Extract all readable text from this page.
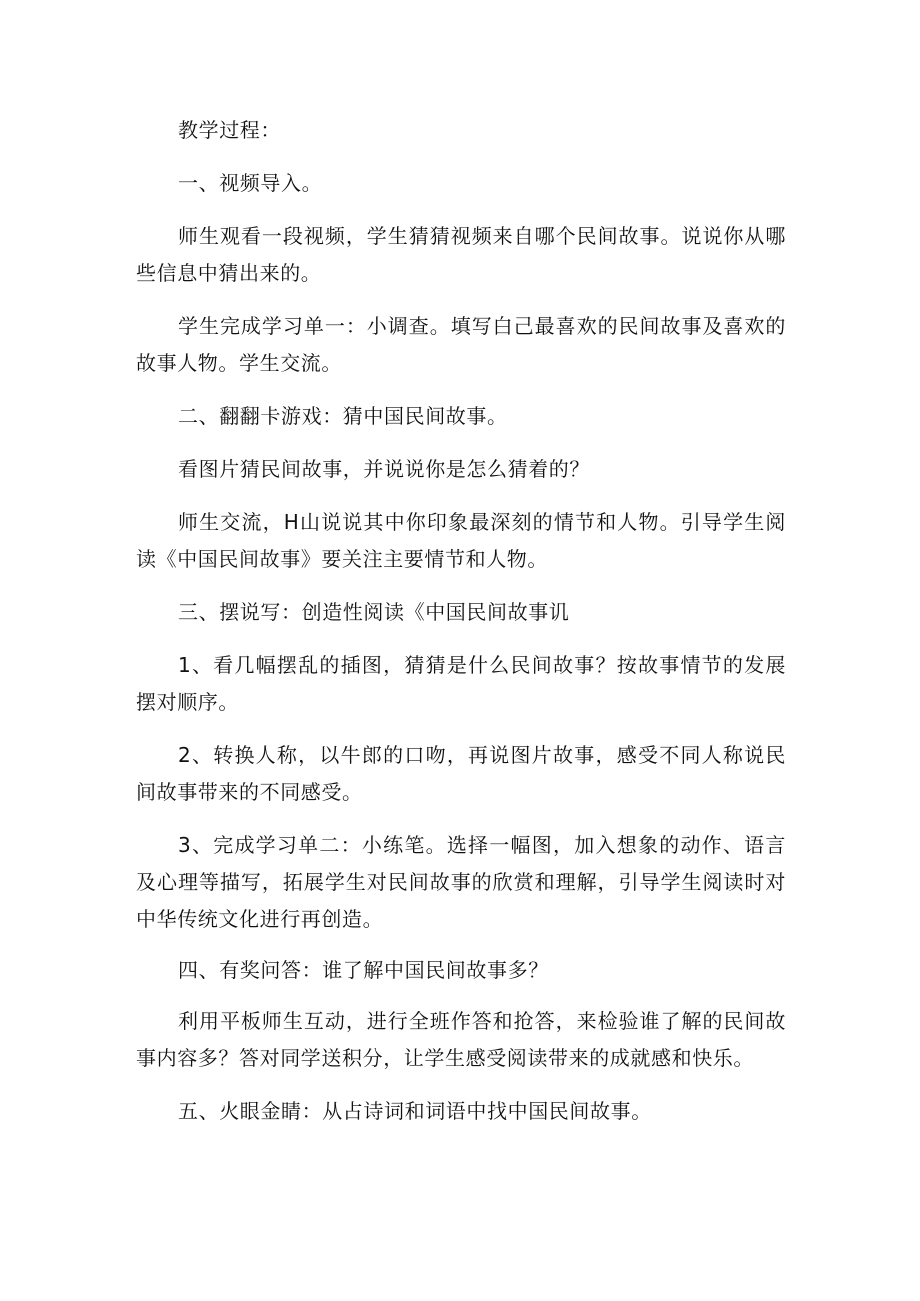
教学过程：

一、视频导入。

师生观看一段视频，学生猜猜视频来自哪个民间故事。说说你从哪些信息中猜出来的。

学生完成学习单一：小调查。填写白己最喜欢的民间故事及喜欢的故事人物。学生交流。

二、翻翻卡游戏：猜中国民间故事。

看图片猜民间故事，并说说你是怎么猜着的？

师生交流，H山说说其中你印象最深刻的情节和人物。引导学生阅读《中国民间故事》要关注主要情节和人物。

三、摆说写：创造性阅读《中国民间故事讥

1、看几幅摆乱的插图，猜猜是什么民间故事？按故事情节的发展摆对顺序。

2、转换人称，以牛郎的口吻，再说图片故事，感受不同人称说民间故事带来的不同感受。

3、完成学习单二：小练笔。选择一幅图，加入想象的动作、语言及心理等描写，拓展学生对民间故事的欣赏和理解，引导学生阅读时对中华传统文化进行再创造。

四、有奖问答：谁了解中国民间故事多？

利用平板师生互动，进行全班作答和抢答，来检验谁了解的民间故事内容多？答对同学送积分，让学生感受阅读带来的成就感和快乐。

五、火眼金睛：从占诗词和词语中找中国民间故事。
